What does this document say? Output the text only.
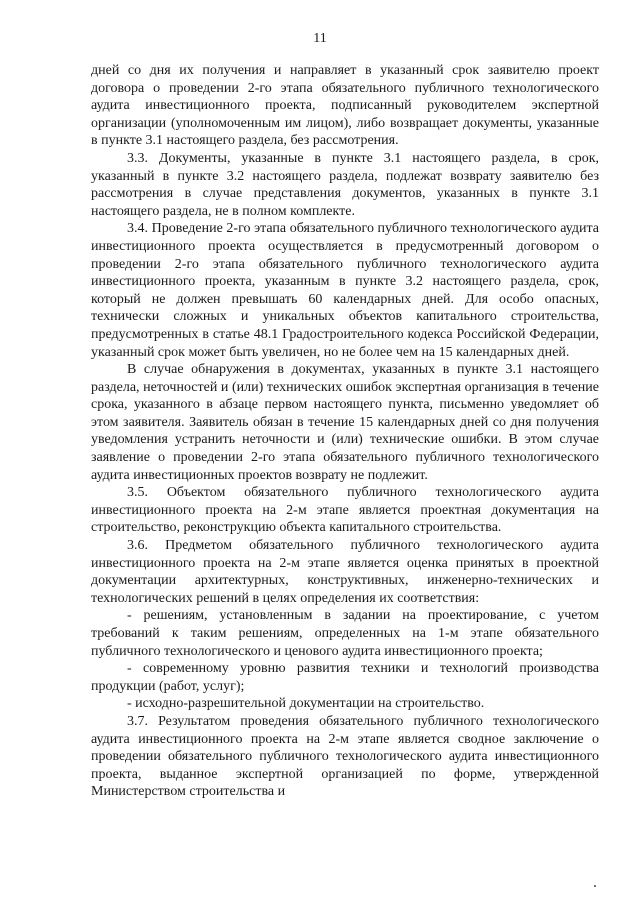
11

дней со дня их получения и направляет в указанный срок заявителю проект договора о проведении 2-го этапа обязательного публичного технологического аудита инвестиционного проекта, подписанный руководителем экспертной организации (уполномоченным им лицом), либо возвращает документы, указанные в пункте 3.1 настоящего раздела, без рассмотрения.

3.3. Документы, указанные в пункте 3.1 настоящего раздела, в срок, указанный в пункте 3.2 настоящего раздела, подлежат возврату заявителю без рассмотрения в случае представления документов, указанных в пункте 3.1 настоящего раздела, не в полном комплекте.

3.4. Проведение 2-го этапа обязательного публичного технологического аудита инвестиционного проекта осуществляется в предусмотренный договором о проведении 2-го этапа обязательного публичного технологического аудита инвестиционного проекта, указанным в пункте 3.2 настоящего раздела, срок, который не должен превышать 60 календарных дней. Для особо опасных, технически сложных и уникальных объектов капитального строительства, предусмотренных в статье 48.1 Градостроительного кодекса Российской Федерации, указанный срок может быть увеличен, но не более чем на 15 календарных дней.

В случае обнаружения в документах, указанных в пункте 3.1 настоящего раздела, неточностей и (или) технических ошибок экспертная организация в течение срока, указанного в абзаце первом настоящего пункта, письменно уведомляет об этом заявителя. Заявитель обязан в течение 15 календарных дней со дня получения уведомления устранить неточности и (или) технические ошибки. В этом случае заявление о проведении 2-го этапа обязательного публичного технологического аудита инвестиционных проектов возврату не подлежит.

3.5. Объектом обязательного публичного технологического аудита инвестиционного проекта на 2-м этапе является проектная документация на строительство, реконструкцию объекта капитального строительства.

3.6. Предметом обязательного публичного технологического аудита инвестиционного проекта на 2-м этапе является оценка принятых в проектной документации архитектурных, конструктивных, инженерно-технических и технологических решений в целях определения их соответствия:

- решениям, установленным в задании на проектирование, с учетом требований к таким решениям, определенных на 1-м этапе обязательного публичного технологического и ценового аудита инвестиционного проекта;

- современному уровню развития техники и технологий производства продукции (работ, услуг);

- исходно-разрешительной документации на строительство.

3.7. Результатом проведения обязательного публичного технологического аудита инвестиционного проекта на 2-м этапе является сводное заключение о проведении обязательного публичного технологического аудита инвестиционного проекта, выданное экспертной организацией по форме, утвержденной Министерством строительства и
